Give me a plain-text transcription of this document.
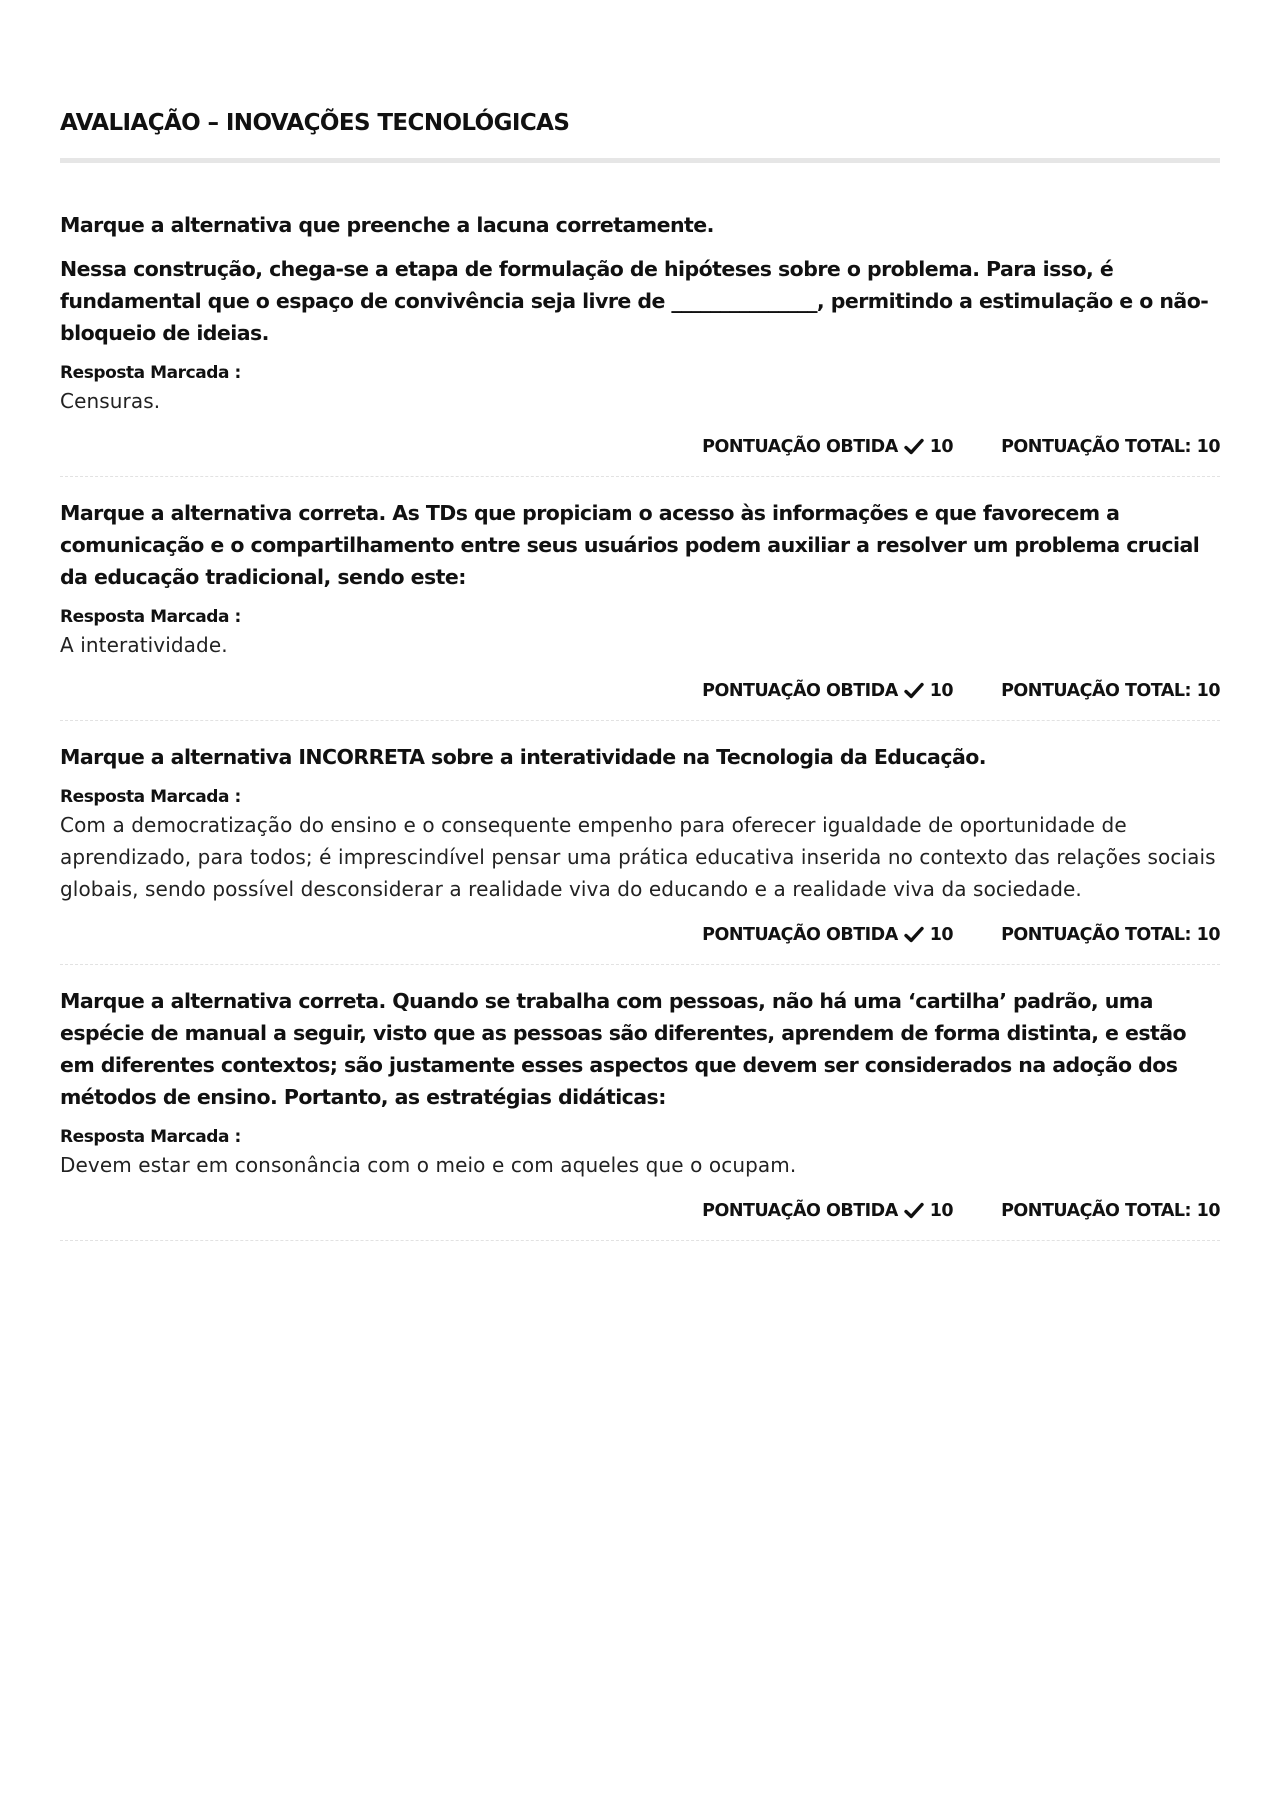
AVALIAÇÃO – INOVAÇÕES TECNOLÓGICAS

Marque a alternativa que preenche a lacuna corretamente.

Nessa construção, chega-se a etapa de formulação de hipóteses sobre o problema. Para isso, é fundamental que o espaço de convivência seja livre de _______________, permitindo a estimulação e o não-bloqueio de ideias.

Resposta Marcada :
Censuras.
PONTUAÇÃO OBTIDA 10	PONTUAÇÃO TOTAL: 10

Marque a alternativa correta. As TDs que propiciam o acesso às informações e que favorecem a comunicação e o compartilhamento entre seus usuários podem auxiliar a resolver um problema crucial da educação tradicional, sendo este:

Resposta Marcada :
A interatividade.
PONTUAÇÃO OBTIDA 10	PONTUAÇÃO TOTAL: 10

Marque a alternativa INCORRETA sobre a interatividade na Tecnologia da Educação.

Resposta Marcada :
Com a democratização do ensino e o consequente empenho para oferecer igualdade de oportunidade de aprendizado, para todos; é imprescindível pensar uma prática educativa inserida no contexto das relações sociais globais, sendo possível desconsiderar a realidade viva do educando e a realidade viva da sociedade.
PONTUAÇÃO OBTIDA 10	PONTUAÇÃO TOTAL: 10

Marque a alternativa correta. Quando se trabalha com pessoas, não há uma ‘cartilha’ padrão, uma espécie de manual a seguir, visto que as pessoas são diferentes, aprendem de forma distinta, e estão em diferentes contextos; são justamente esses aspectos que devem ser considerados na adoção dos métodos de ensino. Portanto, as estratégias didáticas:

Resposta Marcada :
Devem estar em consonância com o meio e com aqueles que o ocupam.
PONTUAÇÃO OBTIDA 10	PONTUAÇÃO TOTAL: 10
